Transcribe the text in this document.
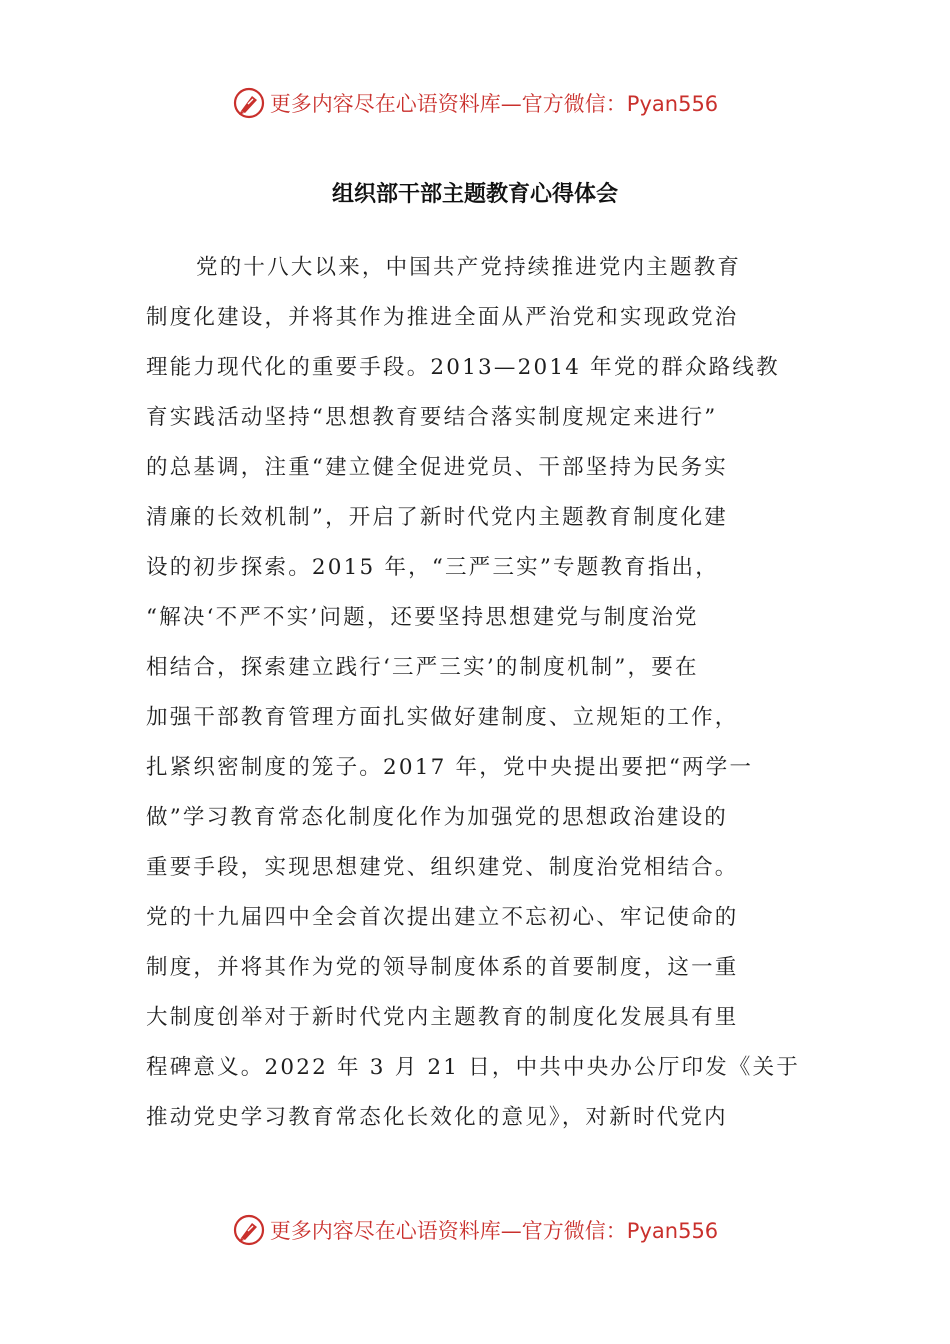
更多内容尽在心语资料库—官方微信：Pyan556
组织部干部主题教育心得体会
党的十八大以来，中国共产党持续推进党内主题教育
制度化建设，并将其作为推进全面从严治党和实现政党治
理能力现代化的重要手段。2013—2014 年党的群众路线教
育实践活动坚持“思想教育要结合落实制度规定来进行”
的总基调，注重“建立健全促进党员、干部坚持为民务实
清廉的长效机制”，开启了新时代党内主题教育制度化建
设的初步探索。2015 年，“三严三实”专题教育指出，
“解决‘不严不实’问题，还要坚持思想建党与制度治党
相结合，探索建立践行‘三严三实’的制度机制”，要在
加强干部教育管理方面扎实做好建制度、立规矩的工作，
扎紧织密制度的笼子。2017 年，党中央提出要把“两学一
做”学习教育常态化制度化作为加强党的思想政治建设的
重要手段，实现思想建党、组织建党、制度治党相结合。
党的十九届四中全会首次提出建立不忘初心、牢记使命的
制度，并将其作为党的领导制度体系的首要制度，这一重
大制度创举对于新时代党内主题教育的制度化发展具有里
程碑意义。2022 年 3 月 21 日，中共中央办公厅印发《关于
推动党史学习教育常态化长效化的意见》，对新时代党内
更多内容尽在心语资料库—官方微信：Pyan556
